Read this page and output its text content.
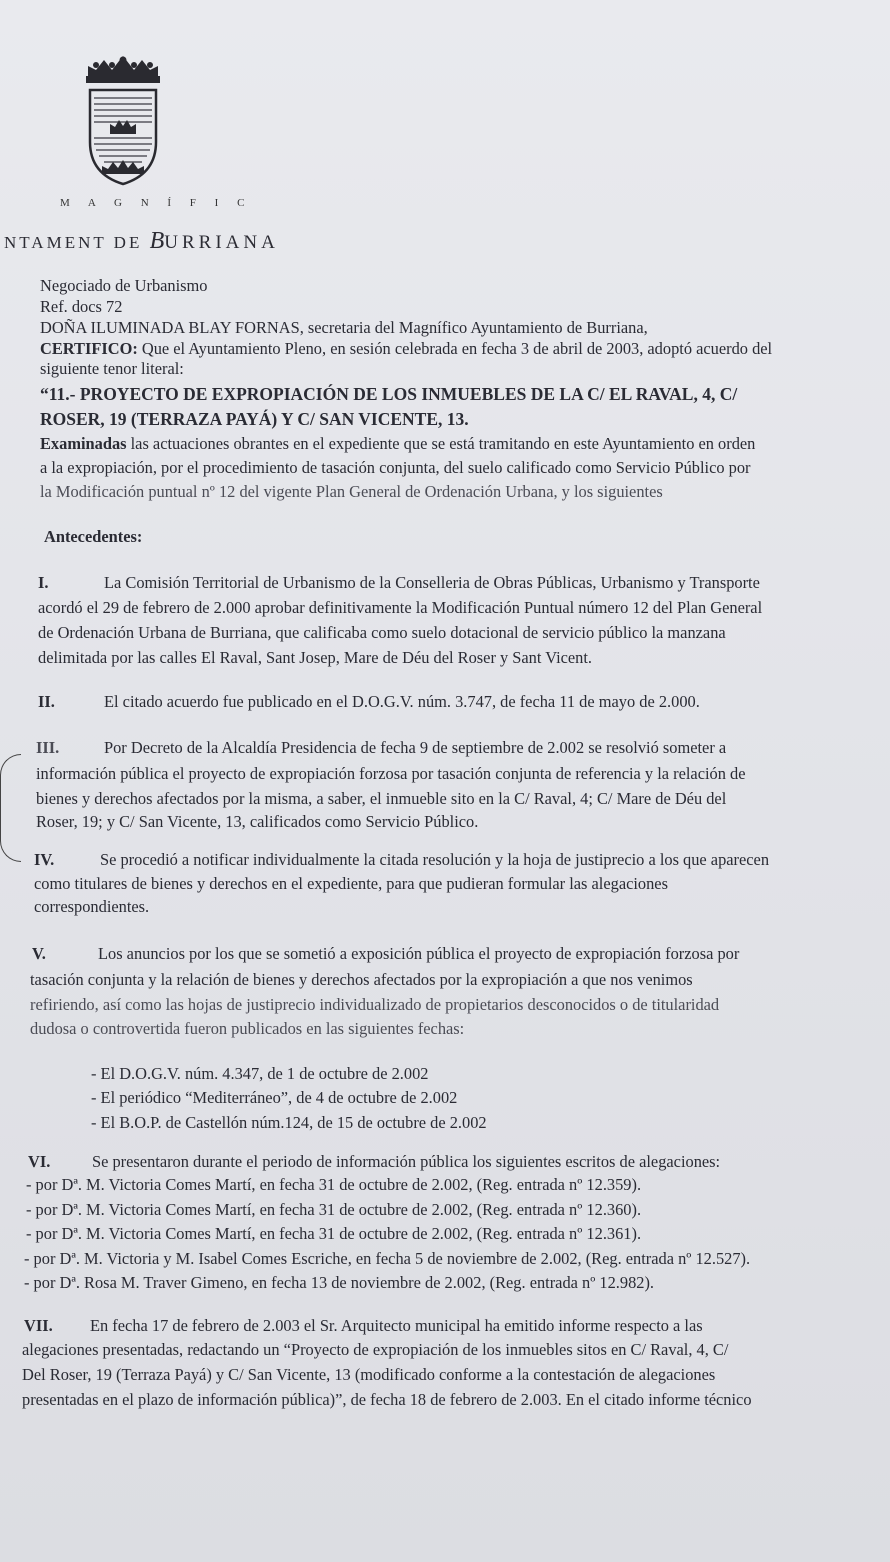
M A G N Í F I C
NTAMENT DE BURRIANA
Negociado de Urbanismo
Ref. docs 72
DOÑA ILUMINADA BLAY FORNAS, secretaria del Magnífico Ayuntamiento de Burriana,
CERTIFICO: Que el Ayuntamiento Pleno, en sesión celebrada en fecha 3 de abril de 2003, adoptó acuerdo del
siguiente tenor literal:
“11.- PROYECTO DE EXPROPIACIÓN DE LOS INMUEBLES DE LA C/ EL RAVAL, 4, C/
ROSER, 19 (TERRAZA PAYÁ) Y C/ SAN VICENTE, 13.
Examinadas las actuaciones obrantes en el expediente que se está tramitando en este Ayuntamiento en orden
a la expropiación, por el procedimiento de tasación conjunta, del suelo calificado como Servicio Público por
la Modificación puntual nº 12 del vigente Plan General de Ordenación Urbana, y los siguientes
Antecedentes:
I.	La Comisión Territorial de Urbanismo de la Conselleria de Obras Públicas, Urbanismo y Transporte
acordó el 29 de febrero de 2.000 aprobar definitivamente la Modificación Puntual número 12 del Plan General
de Ordenación Urbana de Burriana, que calificaba como suelo dotacional de servicio público la manzana
delimitada por las calles El Raval, Sant Josep, Mare de Déu del Roser y Sant Vicent.
II.	El citado acuerdo fue publicado en el D.O.G.V. núm. 3.747, de fecha 11 de mayo de 2.000.
III.	Por Decreto de la Alcaldía Presidencia de fecha 9 de septiembre de 2.002 se resolvió someter a
información pública el proyecto de expropiación forzosa por tasación conjunta de referencia y la relación de
bienes y derechos afectados por la misma, a saber, el inmueble sito en la C/ Raval, 4; C/ Mare de Déu del
Roser, 19; y C/ San Vicente, 13, calificados como Servicio Público.
IV.	Se procedió a notificar individualmente la citada resolución y la hoja de justiprecio a los que aparecen
como titulares de bienes y derechos en el expediente, para que pudieran formular las alegaciones
correspondientes.
V.	Los anuncios por los que se sometió a exposición pública el proyecto de expropiación forzosa por
tasación conjunta y la relación de bienes y derechos afectados por la expropiación a que nos venimos
refiriendo, así como las hojas de justiprecio individualizado de propietarios desconocidos o de titularidad
dudosa o controvertida fueron publicados en las siguientes fechas:
- El D.O.G.V. núm. 4.347, de 1 de octubre de 2.002
- El periódico “Mediterráneo”, de 4 de octubre de 2.002
- El B.O.P. de Castellón núm.124, de 15 de octubre de 2.002
VI.	Se presentaron durante el periodo de información pública los siguientes escritos de alegaciones:
- por Dª. M. Victoria Comes Martí, en fecha 31 de octubre de 2.002, (Reg. entrada nº 12.359).
- por Dª. M. Victoria Comes Martí, en fecha 31 de octubre de 2.002, (Reg. entrada nº 12.360).
- por Dª. M. Victoria Comes Martí, en fecha 31 de octubre de 2.002, (Reg. entrada nº 12.361).
- por Dª. M. Victoria y M. Isabel Comes Escriche, en fecha 5 de noviembre de 2.002, (Reg. entrada nº 12.527).
- por Dª. Rosa M. Traver Gimeno, en fecha 13 de noviembre de 2.002, (Reg. entrada nº 12.982).
VII. En fecha 17 de febrero de 2.003 el Sr. Arquitecto municipal ha emitido informe respecto a las
alegaciones presentadas, redactando un “Proyecto de expropiación de los inmuebles sitos en C/ Raval, 4, C/
Del Roser, 19 (Terraza Payá) y C/ San Vicente, 13 (modificado conforme a la contestación de alegaciones
presentadas en el plazo de información pública)”, de fecha 18 de febrero de 2.003. En el citado informe técnico
